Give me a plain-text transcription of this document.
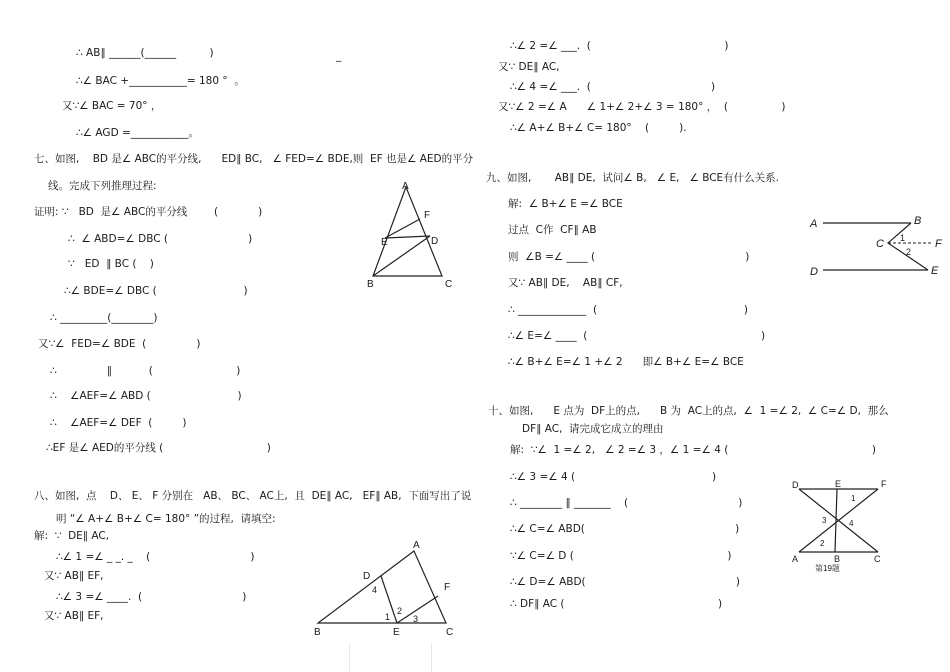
∴ AB∥ ______(______          )	_
∴∠ BAC +___________= 180 °  。
又∵∠ BAC = 70° ，
∴∠ AGD =___________。
七、如图,    BD 是∠ ABC的平分线,      ED∥ BC,   ∠ FED=∠ BDE,则  EF 也是∠ AED的平分
线。完成下列推理过程:
证明: ∵   BD  是∠ ABC的平分线        (            )
∴  ∠ ABD=∠ DBC (                        )
∵   ED  ∥ BC (    )
∴∠ BDE=∠ DBC (                          )
∴ _________(________)
又∵∠  FED=∠ BDE  (               )
∴               ∥           (                         )
∴    ∠AEF=∠ ABD (                          )
∴    ∠AEF=∠ DEF  (         )
∴EF 是∠ AED的平分线 (                               )
八、如图,  点    D、 E、 F 分别在   AB、 BC、 AC上,  且  DE∥ AC,   EF∥ AB,  下面写出了说
明 “∠ A+∠ B+∠ C= 180° ”的过程,  请填空:
解:  ∵  DE∥ AC,
∴∠ 1 =∠ _ _. _    (                              )
又∵ AB∥ EF,
∴∠ 3 =∠ ____.  (                              )
又∵ AB∥ EF,
A
F
E	D
B	C
A
D
F
B	E	C
1
2
3
4
∴∠ 2 =∠ ___.  (                                        )
又∵ DE∥ AC,
∴∠ 4 =∠ ___.  (                                    )
又∵∠ 2 =∠ A      ∠ 1+∠ 2+∠ 3 = 180° ，  (                )
∴∠ A+∠ B+∠ C= 180°    (         ).
九、如图,       AB∥ DE,  试问∠ B,   ∠ E,   ∠ BCE有什么关系.
解:  ∠ B+∠ E =∠ BCE
过点  C作  CF∥ AB
则  ∠B =∠ ____ (                                             )
又∵ AB∥ DE,    AB∥ CF,
∴ _____________  (                                            )
∴∠ E=∠ ____  (                                                    )
∴∠ B+∠ E=∠ 1 +∠ 2      即∠ B+∠ E=∠ BCE
A	B
C	F
D	E
1
2
十、如图,      E 点为  DF上的点,      B 为  AC上的点,  ∠  1 =∠ 2,  ∠ C=∠ D,  那么
DF∥ AC,  请完成它成立的理由
解:  ∵∠  1 =∠ 2,   ∠ 2 =∠ 3 ，∠ 1 =∠ 4 (                                           )
∴∠ 3 =∠ 4 (                                         )
∴ ________ ∥ _______    (                                 )
∴∠ C=∠ ABD(                                             )
∵∠ C=∠ D (                                              )
∴∠ D=∠ ABD(                                             )
∴ DF∥ AC (                                              )
D	E	F
A	B	C
1
2
3	4
第19题
